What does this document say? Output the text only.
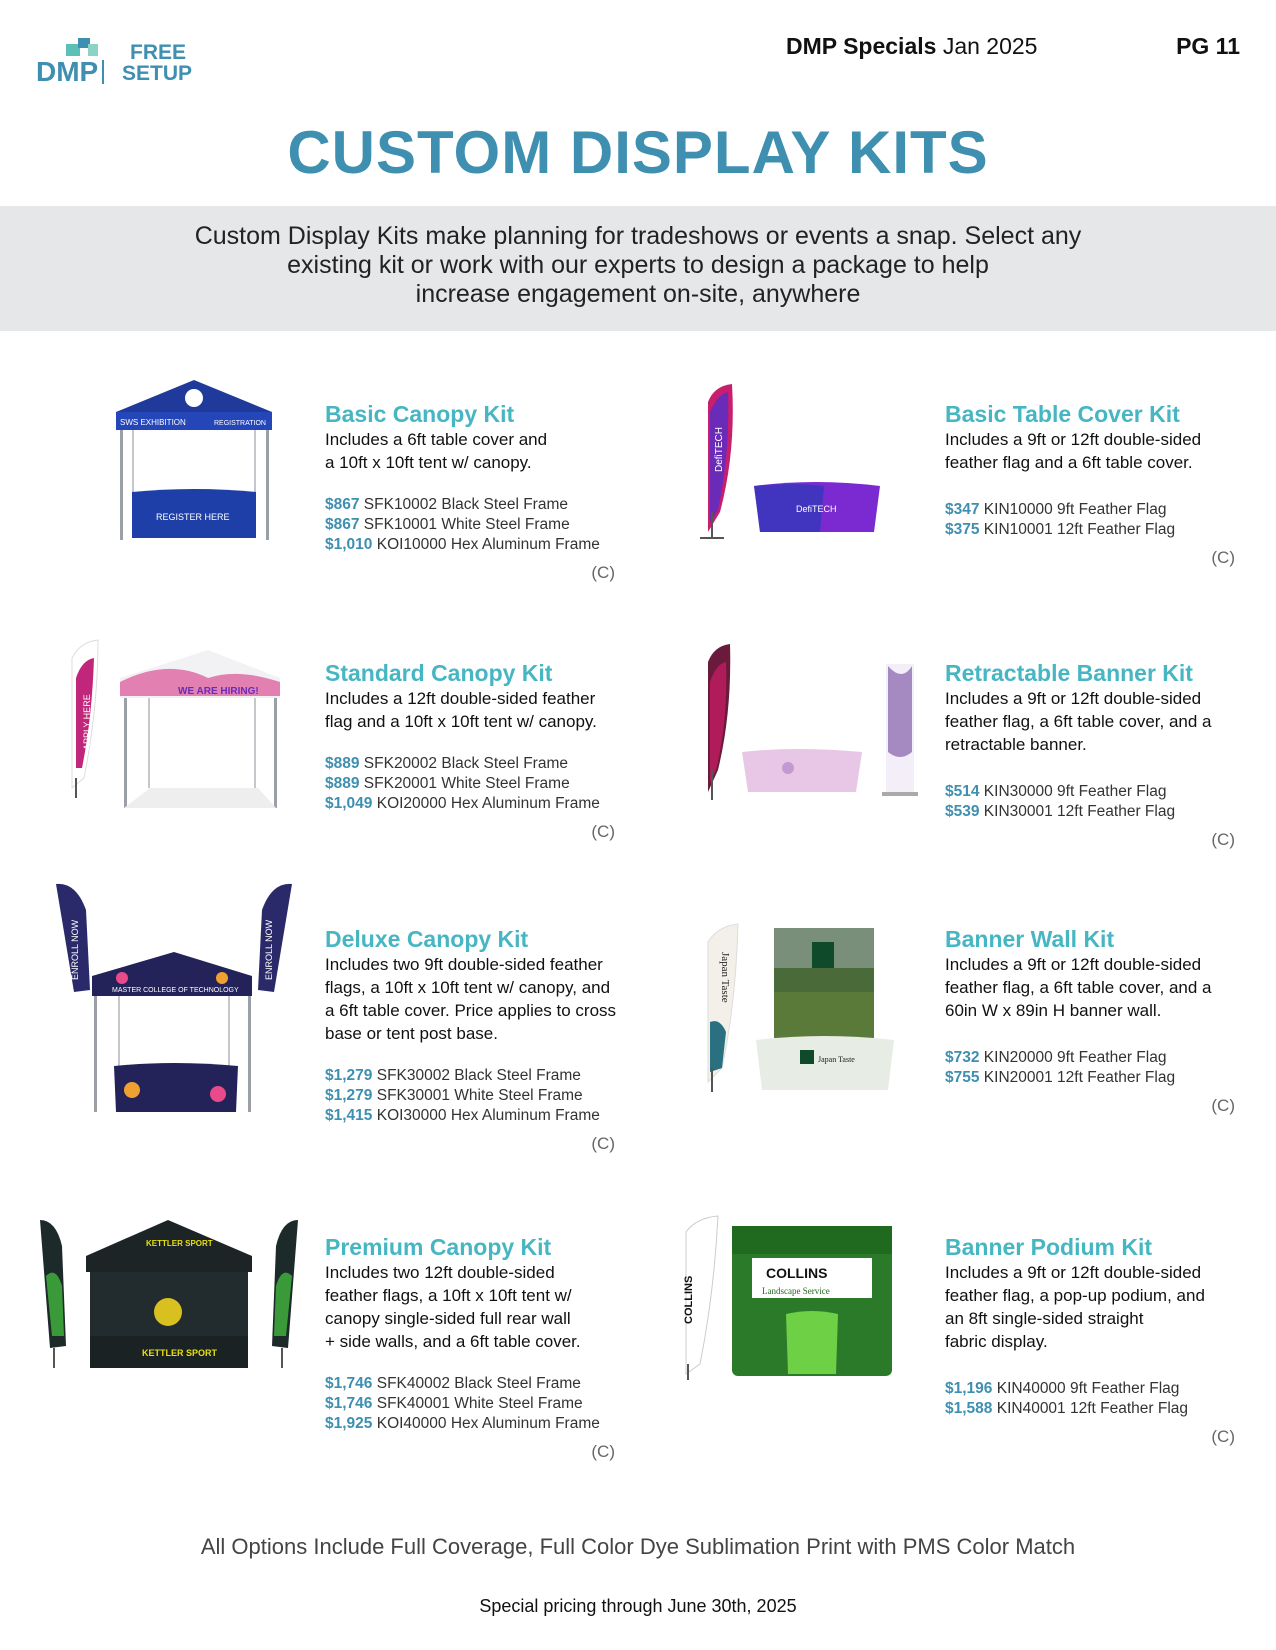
DMP
FREE
SETUP
DMP Specials Jan 2025	PG 11
CUSTOM DISPLAY KITS
Custom Display Kits make planning for tradeshows or events a snap. Select any
existing kit or work with our experts to design a package to help
increase engagement on-site, anywhere
SWS EXHIBITION	REGISTRATION
REGISTER HERE
DefiTECH
DefiTECH
APPLY HERE
WE ARE HIRING!
ENROLL NOW	ENROLL NOW
MASTER COLLEGE OF TECHNOLOGY	Japan Taste
Japan Taste
KETTLER SPORT
KETTLER SPORT
COLLINS
COLLINS
Landscape Service
Basic Canopy Kit
Includes a 6ft table cover and
a 10ft x 10ft tent w/ canopy.
$867 SFK10002 Black Steel Frame
$867 SFK10001 White Steel Frame
$1,010 KOI10000 Hex Aluminum Frame
(C)
Basic Table Cover Kit
Includes a 9ft or 12ft double-sided
feather flag and a 6ft table cover.
$347 KIN10000 9ft Feather Flag
$375 KIN10001 12ft Feather Flag
(C)
Standard Canopy Kit
Includes a 12ft double-sided feather
flag and a 10ft x 10ft tent w/ canopy.
$889 SFK20002 Black Steel Frame
$889 SFK20001 White Steel Frame
$1,049 KOI20000 Hex Aluminum Frame
(C)
Retractable Banner Kit
Includes a 9ft or 12ft double-sided
feather flag, a 6ft table cover, and a
retractable banner.
$514 KIN30000 9ft Feather Flag
$539 KIN30001 12ft Feather Flag
(C)
Deluxe Canopy Kit
Includes two 9ft double-sided feather
flags, a 10ft x 10ft tent w/ canopy, and
a 6ft table cover. Price applies to cross
base or tent post base.
$1,279 SFK30002 Black Steel Frame
$1,279 SFK30001 White Steel Frame
$1,415 KOI30000 Hex Aluminum Frame
(C)
Banner Wall Kit
Includes a 9ft or 12ft double-sided
feather flag, a 6ft table cover, and a
60in W x 89in H banner wall.
$732 KIN20000 9ft Feather Flag
$755 KIN20001 12ft Feather Flag
(C)
Premium Canopy Kit
Includes two 12ft double-sided
feather flags, a 10ft x 10ft tent w/
canopy single-sided full rear wall
+ side walls, and a 6ft table cover.
$1,746 SFK40002 Black Steel Frame
$1,746 SFK40001 White Steel Frame
$1,925 KOI40000 Hex Aluminum Frame
(C)
Banner Podium Kit
Includes a 9ft or 12ft double-sided
feather flag, a pop-up podium, and
an 8ft single-sided straight
fabric display.
$1,196 KIN40000 9ft Feather Flag
$1,588 KIN40001 12ft Feather Flag
(C)
All Options Include Full Coverage, Full Color Dye Sublimation Print with PMS Color Match
Special pricing through June 30th, 2025
